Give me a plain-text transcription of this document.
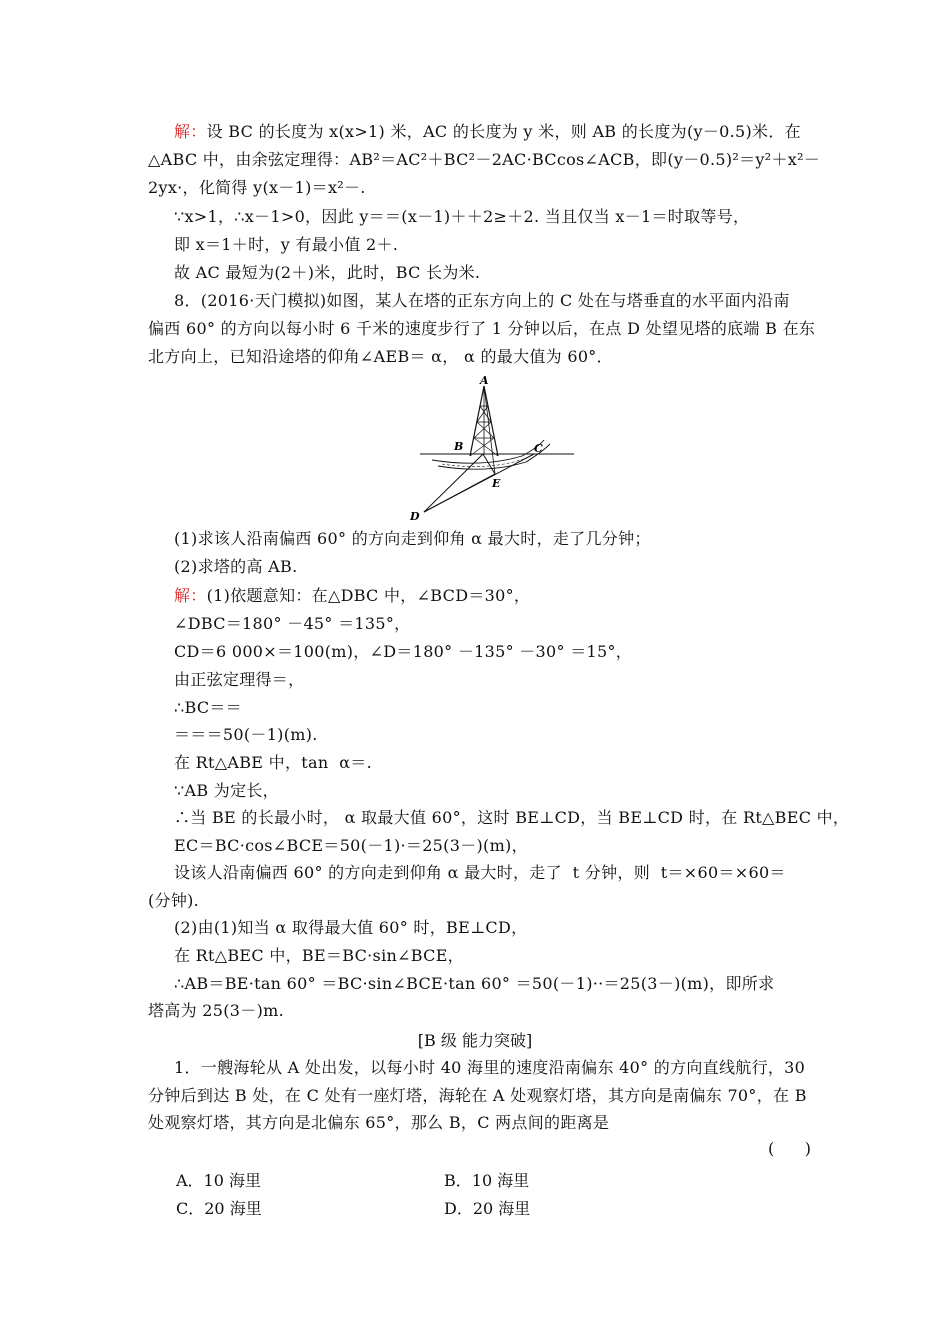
解：设 BC 的长度为 x(x>1) 米，AC 的长度为 y 米，则 AB 的长度为(y－0.5)米．在
△ABC 中，由余弦定理得：AB²＝AC²＋BC²－2AC·BCcos∠ACB，即(y－0.5)²＝y²＋x²－
2yx·，化简得 y(x－1)＝x²－.
∵x>1，∴x－1>0，因此 y＝＝(x－1)＋＋2≥＋2. 当且仅当 x－1＝时取等号，
即 x＝1＋时，y 有最小值 2＋.
故 AC 最短为(2＋)米，此时，BC 长为米.
8．(2016·天门模拟)如图，某人在塔的正东方向上的 C 处在与塔垂直的水平面内沿南
偏西 60° 的方向以每小时 6 千米的速度步行了 1 分钟以后，在点 D 处望见塔的底端 B 在东
北方向上，已知沿途塔的仰角∠AEB＝ α， α 的最大值为 60°．
A
B	C
E
D
(1)求该人沿南偏西 60° 的方向走到仰角 α 最大时，走了几分钟；
(2)求塔的高 AB.
解：(1)依题意知：在△DBC 中，∠BCD＝30°，
∠DBC＝180° －45° ＝135°，
CD＝6 000×＝100(m)，∠D＝180° －135° －30° ＝15°，
由正弦定理得＝，
∴BC＝＝
＝＝＝50(－1)(m).
在 Rt△ABE 中，tan  α＝.
∵AB 为定长，
∴当 BE 的长最小时， α 取最大值 60°，这时 BE⊥CD，当 BE⊥CD 时，在 Rt△BEC 中，
EC＝BC·cos∠BCE＝50(－1)·＝25(3－)(m)，
设该人沿南偏西 60° 的方向走到仰角 α 最大时，走了  t 分钟，则  t＝×60＝×60＝
(分钟).
(2)由(1)知当 α 取得最大值 60° 时，BE⊥CD，
在 Rt△BEC 中，BE＝BC·sin∠BCE，
∴AB＝BE·tan 60° ＝BC·sin∠BCE·tan 60° ＝50(－1)··＝25(3－)(m)，即所求
塔高为 25(3－)m.
[B 级 能力突破]
1．一艘海轮从 A 处出发，以每小时 40 海里的速度沿南偏东 40° 的方向直线航行，30
分钟后到达 B 处，在 C 处有一座灯塔，海轮在 A 处观察灯塔，其方向是南偏东 70°，在 B
处观察灯塔，其方向是北偏东 65°，那么 B，C 两点间的距离是
(      )
A．10 海里	B．10 海里
C．20 海里	D．20 海里
